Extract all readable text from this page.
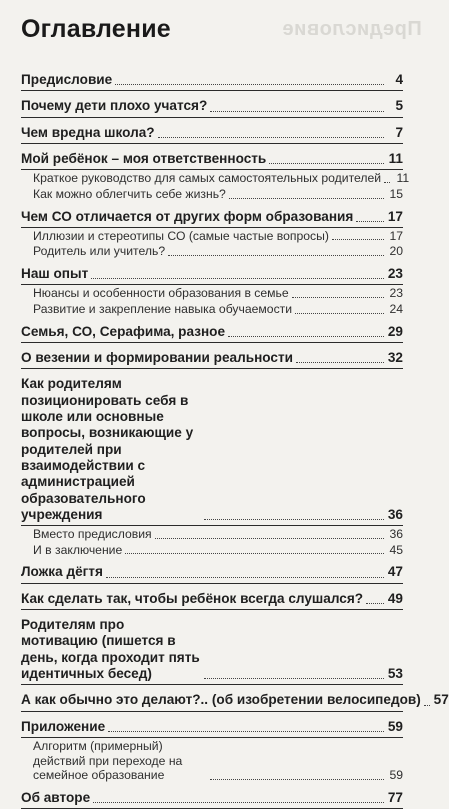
Предисловие
Оглавление
Предисловие	4
Почему дети плохо учатся?	5
Чем вредна школа?	7
Мой ребёнок – моя ответственность	11
Краткое руководство для самых самостоятельных родителей 11
Как можно облегчить себе жизнь?	15
Чем СО отличается от других форм образования	17
Иллюзии и стереотипы СО (самые частые вопросы)	17
Родитель или учитель?	20
Наш опыт	23
Нюансы и особенности образования в семье	23
Развитие и закрепление навыка обучаемости	24
Семья, СО, Серафима, разное	29
О везении и формировании реальности	32
Как родителям позиционировать себя в школе или основные вопросы, возникающие у родителей при взаимодействии с администрацией образовательного учреждения	36
Вместо предисловия	36
И в заключение	45
Ложка дёгтя	47
Как сделать так, чтобы ребёнок всегда слушался? 49
Родителям про мотивацию (пишется в день, когда проходит пять идентичных бесед)	53
А как обычно это делают?.. (об изобретении велосипедов) 57
Приложение	59
Алгоритм (примерный) действий при переходе на семейное образование	59
Об авторе	77
